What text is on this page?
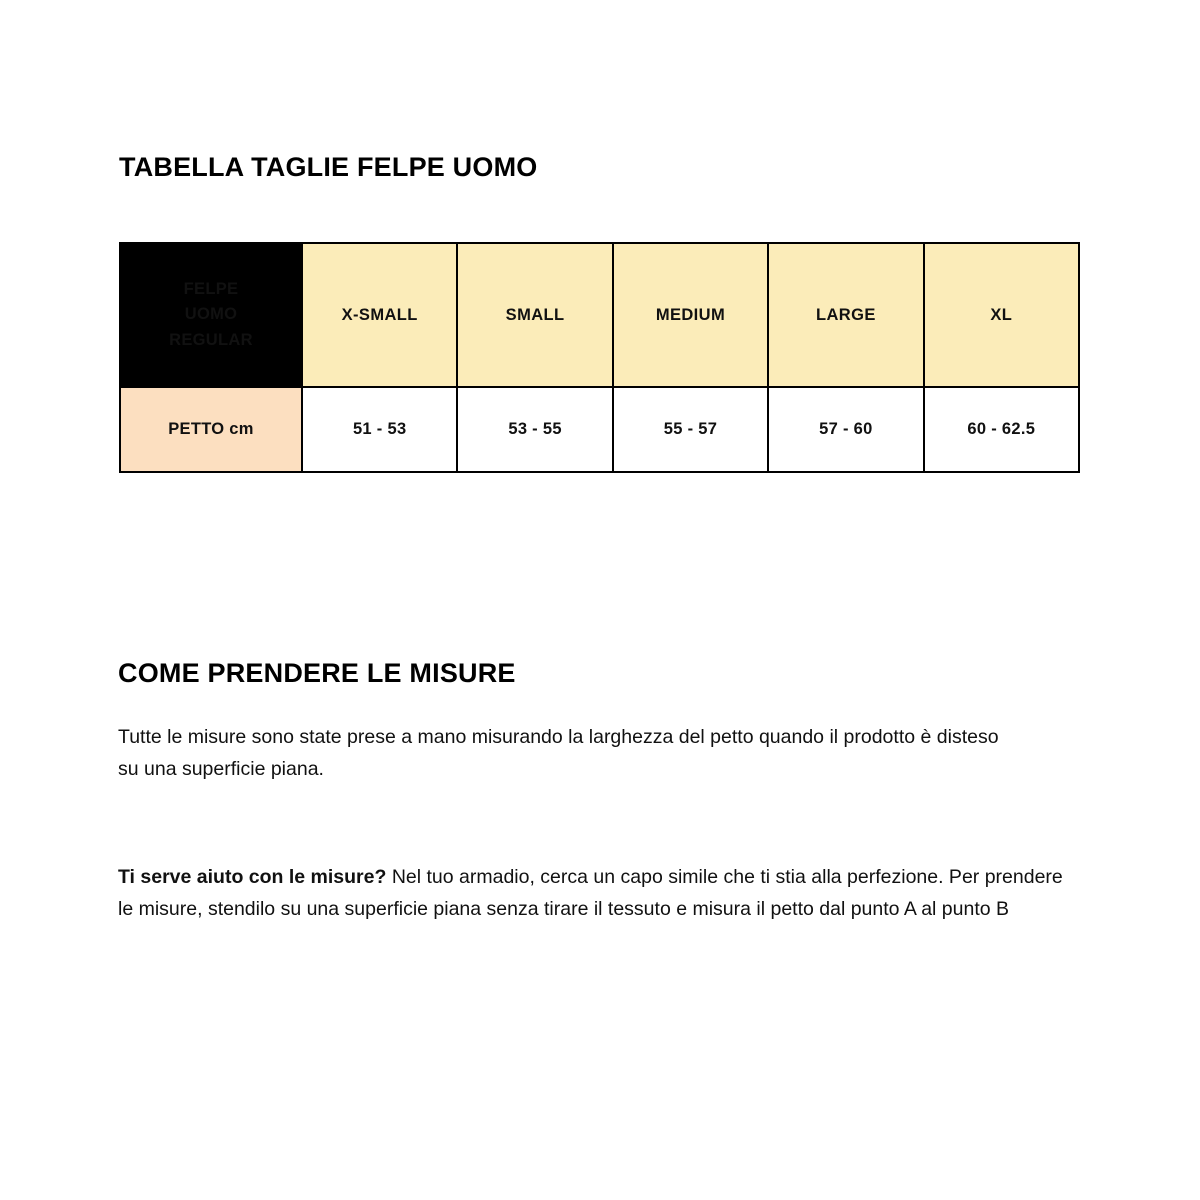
TABELLA TAGLIE FELPE UOMO
FELPE
UOMO
REGULAR	X-SMALL	SMALL	MEDIUM	LARGE	XL
PETTO cm	51 - 53	53 - 55	55 - 57	57 - 60	60 - 62.5
COME PRENDERE LE MISURE
Tutte le misure sono state prese a mano misurando la larghezza del petto quando il prodotto è disteso su una superficie piana.
Ti serve aiuto con le misure? Nel tuo armadio, cerca un capo simile che ti stia alla perfezione. Per prendere le misure, stendilo su una superficie piana senza tirare il tessuto e misura il petto dal punto A al punto B
